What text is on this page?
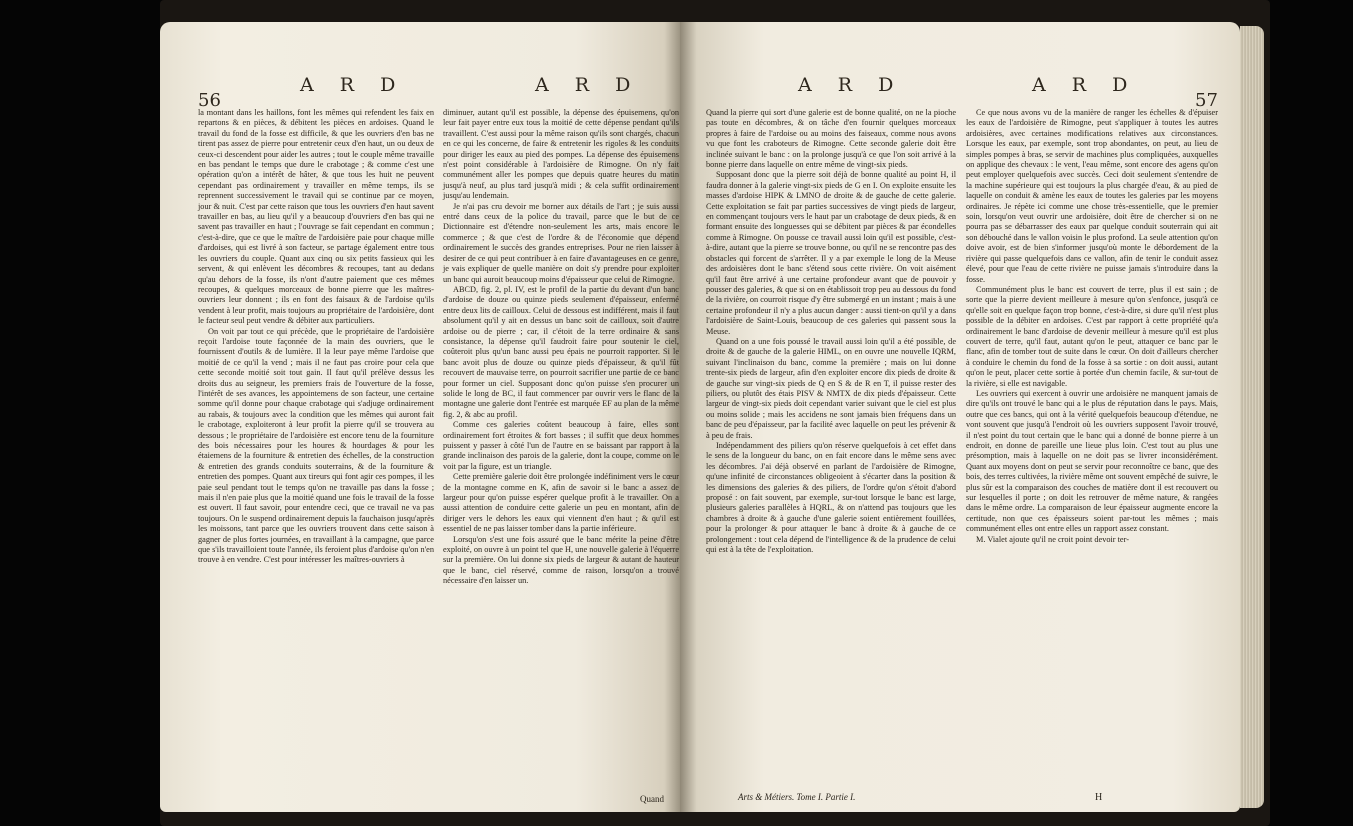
56
A R D	A R D

la montant dans les haillons, font les mêmes qui refendent les faix en repartons & en pièces, & débitent les pièces en ardoises. Quand le travail du fond de la fosse est difficile, & que les ouvriers d'en bas ne tirent pas assez de pierre pour entretenir ceux d'en haut, un ou deux de ceux-ci descendent pour aider les autres ; tout le couple même travaille en bas pendant le temps que dure le crabotage ; & comme c'est une opération qu'on a intérêt de hâter, & que tous les huit ne peuvent cependant pas ordinairement y travailler en même temps, ils se reprennent successivement le travail qui se continue par ce moyen, jour & nuit. C'est par cette raison que tous les ouvriers d'en haut savent travailler en bas, au lieu qu'il y a beaucoup d'ouvriers d'en bas qui ne savent pas travailler en haut ; l'ouvrage se fait cependant en commun ; c'est-à-dire, que ce que le maître de l'ardoisière paie pour chaque mille d'ardoises, qui est livré à son facteur, se partage également entre tous les ouvriers du couple. Quant aux cinq ou six petits fassieux qui les servent, & qui enlèvent les décombres & recoupes, tant au dedans qu'au dehors de la fosse, ils n'ont d'autre paiement que ces mêmes recoupes, & quelques morceaux de bonne pierre que les maîtres-ouvriers leur donnent ; ils en font des faisaux & de l'ardoise qu'ils vendent à leur profit, mais toujours au propriétaire de l'ardoisière, dont le facteur seul peut vendre & débiter aux particuliers.

On voit par tout ce qui précède, que le propriétaire de l'ardoisière reçoit l'ardoise toute façonnée de la main des ouvriers, que le fournissent d'outils & de lumière. Il la leur paye même l'ardoise que moitié de ce qu'il la vend ; mais il ne faut pas croire pour cela que cette seconde moitié soit tout gain. Il faut qu'il prélève dessus les droits dus au seigneur, les premiers frais de l'ouverture de la fosse, l'intérêt de ses avances, les appointemens de son facteur, une certaine somme qu'il donne pour chaque crabotage qui s'adjuge ordinairement au rabais, & toujours avec la condition que les mêmes qui auront fait le crabotage, exploiteront à leur profit la pierre qu'il se trouvera au dessous ; le propriétaire de l'ardoisière est encore tenu de la fourniture des bois nécessaires pour les houres & hourdages & pour les étaiemens de la fourniture & entretien des échelles, de la construction & entretien des grands conduits souterrains, & de la fourniture & entretien des pompes. Quant aux tireurs qui font agir ces pompes, il les paie seul pendant tout le temps qu'on ne travaille pas dans la fosse ; mais il n'en paie plus que la moitié quand une fois le travail de la fosse est ouvert. Il faut savoir, pour entendre ceci, que ce travail ne va pas toujours. On le suspend ordinairement depuis la fauchaison jusqu'après les moissons, tant parce que les ouvriers trouvent dans cette saison à gagner de plus fortes journées, en travaillant à la campagne, que parce que s'ils travailloient toute l'année, ils feroient plus d'ardoise qu'on n'en trouve à en vendre. C'est pour intéresser les maîtres-ouvriers à

diminuer, autant qu'il est possible, la dépense des épuisemens, qu'on leur fait payer entre eux tous la moitié de cette dépense pendant qu'ils travaillent. C'est aussi pour la même raison qu'ils sont chargés, chacun en ce qui les concerne, de faire & entretenir les rigoles & les conduits pour diriger les eaux au pied des pompes. La dépense des épuisemens n'est point considérable à l'ardoisière de Rimogne. On n'y fait communément aller les pompes que depuis quatre heures du matin jusqu'à neuf, au plus tard jusqu'à midi ; & cela suffit ordinairement jusqu'au lendemain.

Je n'ai pas cru devoir me borner aux détails de l'art ; je suis aussi entré dans ceux de la police du travail, parce que le but de ce Dictionnaire est d'étendre non-seulement les arts, mais encore le commerce ; & que c'est de l'ordre & de l'économie que dépend ordinairement le succès des grandes entreprises. Pour ne rien laisser à desirer de ce qui peut contribuer à en faire d'avantageuses en ce genre, je vais expliquer de quelle manière on doit s'y prendre pour exploiter un banc qui auroit beaucoup moins d'épaisseur que celui de Rimogne.

ABCD, fig. 2, pl. IV, est le profil de la partie du devant d'un banc d'ardoise de douze ou quinze pieds seulement d'épaisseur, enfermé entre deux lits de cailloux. Celui de dessous est indifférent, mais il faut absolument qu'il y ait en dessus un banc soit de cailloux, soit d'autre ardoise ou de pierre ; car, il c'étoit de la terre ordinaire & sans consistance, la dépense qu'il faudroit faire pour soutenir le ciel, coûteroit plus qu'un banc aussi peu épais ne pourroit rapporter. Si le banc avoit plus de douze ou quinze pieds d'épaisseur, & qu'il fût recouvert de mauvaise terre, on pourroit sacrifier une partie de ce banc pour former un ciel. Supposant donc qu'on puisse s'en procurer un solide le long de BC, il faut commencer par ouvrir vers le flanc de la montagne une galerie dont l'entrée est marquée EF au plan de la même fig. 2, & abc au profil.

Comme ces galeries coûtent beaucoup à faire, elles sont ordinairement fort étroites & fort basses ; il suffit que deux hommes puissent y passer à côté l'un de l'autre en se baissant par rapport à la grande inclinaison des parois de la galerie, dont la coupe, comme on le voit par la figure, est un triangle.

Cette première galerie doit être prolongée indéfiniment vers le cœur de la montagne comme en K, afin de savoir si le banc a assez de largeur pour qu'on puisse espérer quelque profit à le travailler. On a aussi attention de conduire cette galerie un peu en montant, afin de diriger vers le dehors les eaux qui viennent d'en haut ; & qu'il est essentiel de ne pas laisser tomber dans la partie inférieure.

Lorsqu'on s'est une fois assuré que le banc mérite la peine d'être exploité, on ouvre à un point tel que H, une nouvelle galerie à l'équerre sur la première. On lui donne six pieds de largeur & autant de hauteur que le banc, ciel réservé, comme de raison, lorsqu'on a trouvé nécessaire d'en laisser un.

Quand
A R D	A R D
57

Quand la pierre qui sort d'une galerie est de bonne qualité, on ne la pioche pas toute en décombres, & on tâche d'en fournir quelques morceaux propres à faire de l'ardoise ou au moins des faiseaux, comme nous avons vu que font les craboteurs de Rimogne. Cette seconde galerie doit être inclinée suivant le banc : on la prolonge jusqu'à ce que l'on soit arrivé à la bonne pierre dans laquelle on entre même de vingt-six pieds.

Supposant donc que la pierre soit déjà de bonne qualité au point H, il faudra donner à la galerie vingt-six pieds de G en I. On exploite ensuite les masses d'ardoise HIPK & LMNO de droite & de gauche de cette galerie. Cette exploitation se fait par parties successives de vingt pieds de largeur, en commençant toujours vers le haut par un crabotage de deux pieds, & en formant ensuite des longuesses qui se débitent par pièces & par écondelles comme à Rimogne. On pousse ce travail aussi loin qu'il est possible, c'est-à-dire, autant que la pierre se trouve bonne, ou qu'il ne se rencontre pas des obstacles qui forcent de s'arrêter. Il y a par exemple le long de la Meuse des ardoisières dont le banc s'étend sous cette rivière. On voit aisément qu'il faut être arrivé à une certaine profondeur avant que de pouvoir y pousser des galeries, & que si on en établissoit trop peu au dessous du fond de la rivière, on courroit risque d'y être submergé en un instant ; mais à une certaine profondeur il n'y a plus aucun danger : aussi tient-on qu'il y a dans l'ardoisière de Saint-Louis, beaucoup de ces galeries qui passent sous la Meuse.

Quand on a une fois poussé le travail aussi loin qu'il a été possible, de droite & de gauche de la galerie HIML, on en ouvre une nouvelle IQRM, suivant l'inclinaison du banc, comme la première ; mais on lui donne trente-six pieds de largeur, afin d'en exploiter encore dix pieds de droite & de gauche sur vingt-six pieds de Q en S & de R en T, il puisse rester des piliers, ou plutôt des étais PISV & NMTX de dix pieds d'épaisseur. Cette largeur de vingt-six pieds doit cependant varier suivant que le ciel est plus ou moins solide ; mais les accidens ne sont jamais bien fréquens dans un banc de peu d'épaisseur, par la facilité avec laquelle on peut les prévenir & à peu de frais.

Indépendamment des piliers qu'on réserve quelquefois à cet effet dans le sens de la longueur du banc, on en fait encore dans le même sens avec les décombres. J'ai déjà observé en parlant de l'ardoisière de Rimogne, qu'une infinité de circonstances obligeoient à s'écarter dans la position & les dimensions des galeries & des piliers, de l'ordre qu'on s'étoit d'abord proposé : on fait souvent, par exemple, sur-tout lorsque le banc est large, plusieurs galeries parallèles à HQRL, & on n'attend pas toujours que les chambres à droite & à gauche d'une galerie soient entièrement fouillées, pour la prolonger & pour attaquer le banc à droite & à gauche de ce prolongement : tout cela dépend de l'intelligence & de la prudence de celui qui est à la tête de l'exploitation.

Ce que nous avons vu de la manière de ranger les échelles & d'épuiser les eaux de l'ardoisière de Rimogne, peut s'appliquer à toutes les autres ardoisières, avec certaines modifications relatives aux circonstances. Lorsque les eaux, par exemple, sont trop abondantes, on peut, au lieu de simples pompes à bras, se servir de machines plus compliquées, auxquelles on applique des chevaux : le vent, l'eau même, sont encore des agens qu'on peut employer quelquefois avec succès. Ceci doit seulement s'entendre de la machine supérieure qui est toujours la plus chargée d'eau, & au pied de laquelle on conduit & amène les eaux de toutes les galeries par les moyens ordinaires. Je répète ici comme une chose très-essentielle, que le premier soin, lorsqu'on veut ouvrir une ardoisière, doit être de chercher si on ne pourra pas se débarrasser des eaux par quelque conduit souterrain qui ait son débouché dans le vallon voisin le plus profond. La seule attention qu'on doive avoir, est de bien s'informer jusqu'où monte le débordement de la rivière qui passe quelquefois dans ce vallon, afin de tenir le conduit assez élevé, pour que l'eau de cette rivière ne puisse jamais s'introduire dans la fosse.

Communément plus le banc est couvert de terre, plus il est sain ; de sorte que la pierre devient meilleure à mesure qu'on s'enfonce, jusqu'à ce qu'elle soit en quelque façon trop bonne, c'est-à-dire, si dure qu'il n'est plus possible de la débiter en ardoises. C'est par rapport à cette propriété qu'a ordinairement le banc d'ardoise de devenir meilleur à mesure qu'il est plus couvert de terre, qu'il faut, autant qu'on le peut, attaquer ce banc par le flanc, afin de tomber tout de suite dans le cœur. On doit d'ailleurs chercher à conduire le chemin du fond de la fosse à sa sortie : on doit aussi, autant qu'on le peut, placer cette sortie à portée d'un chemin facile, & sur-tout de la rivière, si elle est navigable.

Les ouvriers qui exercent à ouvrir une ardoisière ne manquent jamais de dire qu'ils ont trouvé le banc qui a le plus de réputation dans le pays. Mais, outre que ces bancs, qui ont à la vérité quelquefois beaucoup d'étendue, ne vont souvent que jusqu'à l'endroit où les ouvriers supposent l'avoir trouvé, il n'est point du tout certain que le banc qui a donné de bonne pierre à un endroit, en donne de pareille une lieue plus loin. C'est tout au plus une présomption, mais à laquelle on ne doit pas se livrer inconsidérément. Quant aux moyens dont on peut se servir pour reconnoître ce banc, que des bois, des terres cultivées, la rivière même ont souvent empêché de suivre, le plus sûr est la comparaison des couches de matière dont il est recouvert ou sur lesquelles il porte ; on doit les retrouver de même nature, & rangées dans le même ordre. La comparaison de leur épaisseur augmente encore la certitude, non que ces épaisseurs soient par-tout les mêmes ; mais communément elles ont entre elles un rapport assez constant.

M. Vialet ajoute qu'il ne croit point devoir ter-

Arts & Métiers. Tome I. Partie I.	H
